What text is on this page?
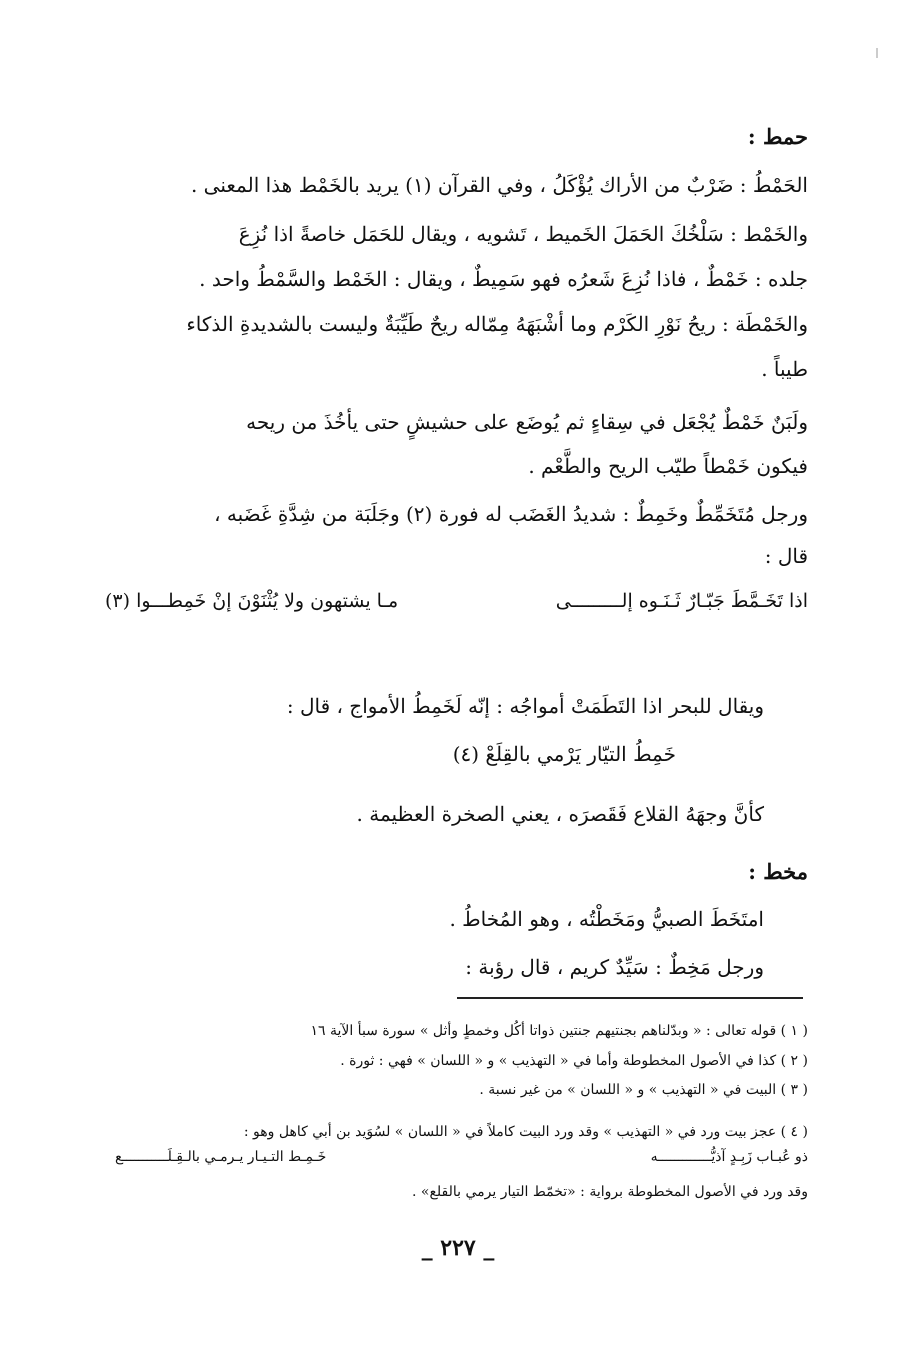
حمط :
الحَمْطُ : ضَرْبٌ من الأراك يُؤْكَلُ ، وفي القرآن (١) يريد بالخَمْط هذا المعنى .
والخَمْط : سَلْخُكَ الحَمَلَ الخَميط ، تَشويه ، ويقال للحَمَل خاصةً اذا نُزِعَ
جلده : خَمْطٌ ، فاذا نُزِعَ شَعرُه فهو سَمِيطٌ ، ويقال : الخَمْط والسَّمْطُ واحد .
والخَمْطَة : ريحُ نَوْرِ الكَرْم وما أشْبَهَهُ مِمّاله ريحٌ طَيِّبَةٌ وليست بالشديدةِ الذكاء
طيباً .
ولَبَنٌ خَمْطٌ يُجْعَل في سِقاءٍ ثم يُوضَع على حشيشٍ حتى يأخُذَ من ريحه
فيكون خَمْطاً طيّب الريح والطَّعْم .
ورجل مُتَخَمِّطٌ وخَمِطٌ : شديدُ الغَضَب له فورة (٢) وجَلَبَة من شِدَّةِ غَضَبه ،
قال :
اذا تَخَـمَّطَ جَبّـارٌ ثَـنَـوه إلـــــــــى
مـا يشتهون ولا يُثْنَوْنَ إنْ خَمِطـــوا (٣)
ويقال للبحر اذا التَطَمَتْ أمواجُه : إنّه لَخَمِطُ الأمواج ، قال :
خَمِطُ التيّار يَرْمي بالقِلَعْ (٤)
كأنَّ وجهَهُ القلاع فَقَصرَه ، يعني الصخرة العظيمة .
مخط :
امتَخَطَ الصبيُّ ومَخَطْتُه ، وهو المُخاطُ .
ورجل مَخِطٌ : سَيِّدٌ كريم ، قال رؤبة :
( ١ ) قوله تعالى : « وبدّلناهم بجنتيهم جنتين ذواتا أكُل وخمطٍ وأثل » سورة سبأ الآية ١٦
( ٢ ) كذا في الأصول المخطوطة وأما في « التهذيب » و « اللسان » فهي : ثورة .
( ٣ ) البيت في « التهذيب » و « اللسان » من غير نسبة .
( ٤ ) عجز بيت ورد في « التهذيب » وقد ورد البيت كاملاً في « اللسان » لسُوَيد بن أبي كاهل وهو :
ذو عُبـاب زَبِـدٍ آذيُّـــــــــــــه
خَـمِـط التـيـار يـرمـي بالـقِـلَـــــــــــع
وقد ورد في الأصول المخطوطة برواية : «تخمّط التيار يرمي بالقلع» .
_ ٢٢٧ _
